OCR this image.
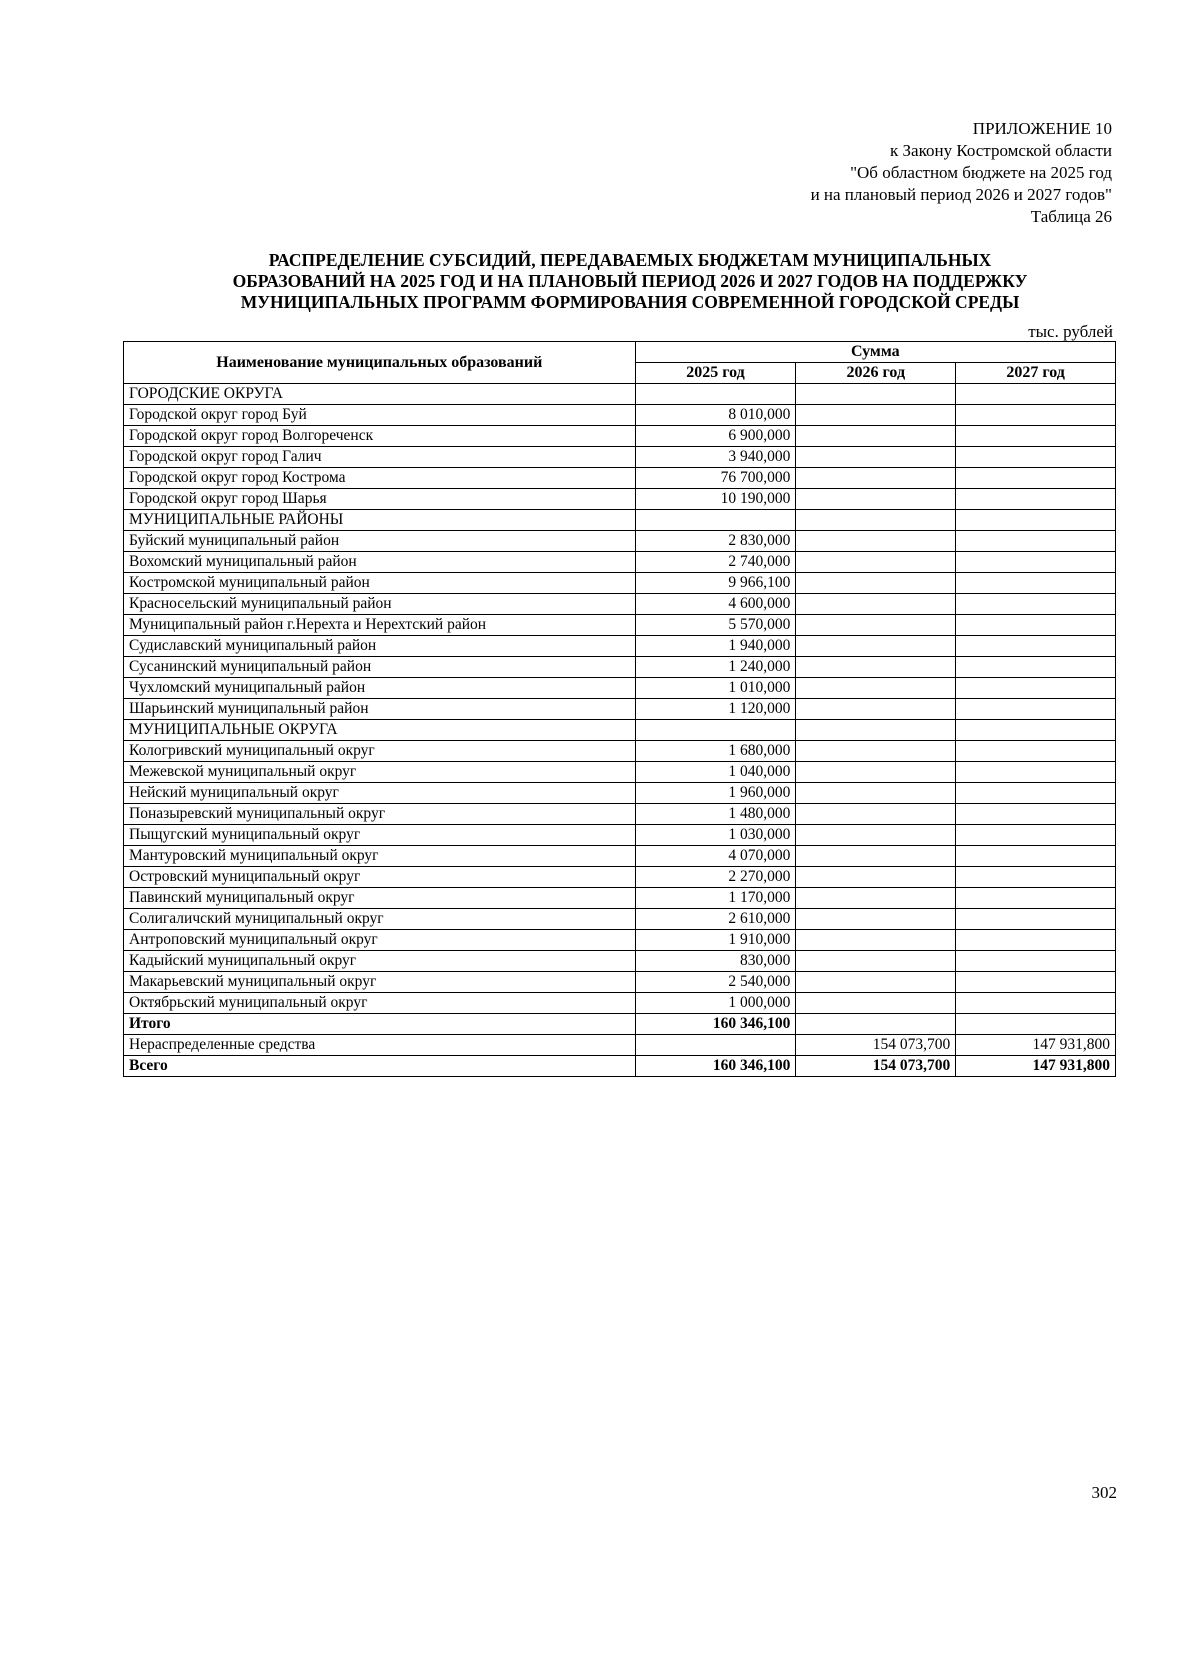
ПРИЛОЖЕНИЕ 10
к Закону Костромской области
"Об областном бюджете на 2025 год
и на плановый период 2026 и 2027 годов"
Таблица 26
РАСПРЕДЕЛЕНИЕ СУБСИДИЙ, ПЕРЕДАВАЕМЫХ БЮДЖЕТАМ МУНИЦИПАЛЬНЫХ
ОБРАЗОВАНИЙ НА 2025 ГОД И НА ПЛАНОВЫЙ ПЕРИОД 2026 И 2027 ГОДОВ НА ПОДДЕРЖКУ
МУНИЦИПАЛЬНЫХ ПРОГРАММ ФОРМИРОВАНИЯ СОВРЕМЕННОЙ ГОРОДСКОЙ СРЕДЫ
тыс. рублей
Наименование муниципальных образований	Сумма		
	2025 год	2026 год	2027 год
ГОРОДСКИЕ ОКРУГА			
Городской округ город Буй	8 010,000		
Городской округ город Волгореченск	6 900,000		
Городской округ город Галич	3 940,000		
Городской округ город Кострома	76 700,000		
Городской округ город Шарья	10 190,000		
МУНИЦИПАЛЬНЫЕ РАЙОНЫ			
Буйский муниципальный район	2 830,000		
Вохомский муниципальный район	2 740,000		
Костромской муниципальный район	9 966,100		
Красносельский муниципальный район	4 600,000		
Муниципальный район г.Нерехта и Нерехтский район	5 570,000		
Судиславский муниципальный район	1 940,000		
Сусанинский муниципальный район	1 240,000		
Чухломский муниципальный район	1 010,000		
Шарьинский муниципальный район	1 120,000		
МУНИЦИПАЛЬНЫЕ ОКРУГА			
Кологривский муниципальный округ	1 680,000		
Межевской муниципальный округ	1 040,000		
Нейский муниципальный округ	1 960,000		
Поназыревский муниципальный округ	1 480,000		
Пыщугский муниципальный округ	1 030,000		
Мантуровский муниципальный округ	4 070,000		
Островский муниципальный округ	2 270,000		
Павинский муниципальный округ	1 170,000		
Солигаличский муниципальный округ	2 610,000		
Антроповский муниципальный округ	1 910,000		
Кадыйский муниципальный округ	830,000		
Макарьевский муниципальный округ	2 540,000		
Октябрьский муниципальный округ	1 000,000		
Итого	160 346,100		
Нераспределенные средства		154 073,700	147 931,800
Всего	160 346,100	154 073,700	147 931,800
302
